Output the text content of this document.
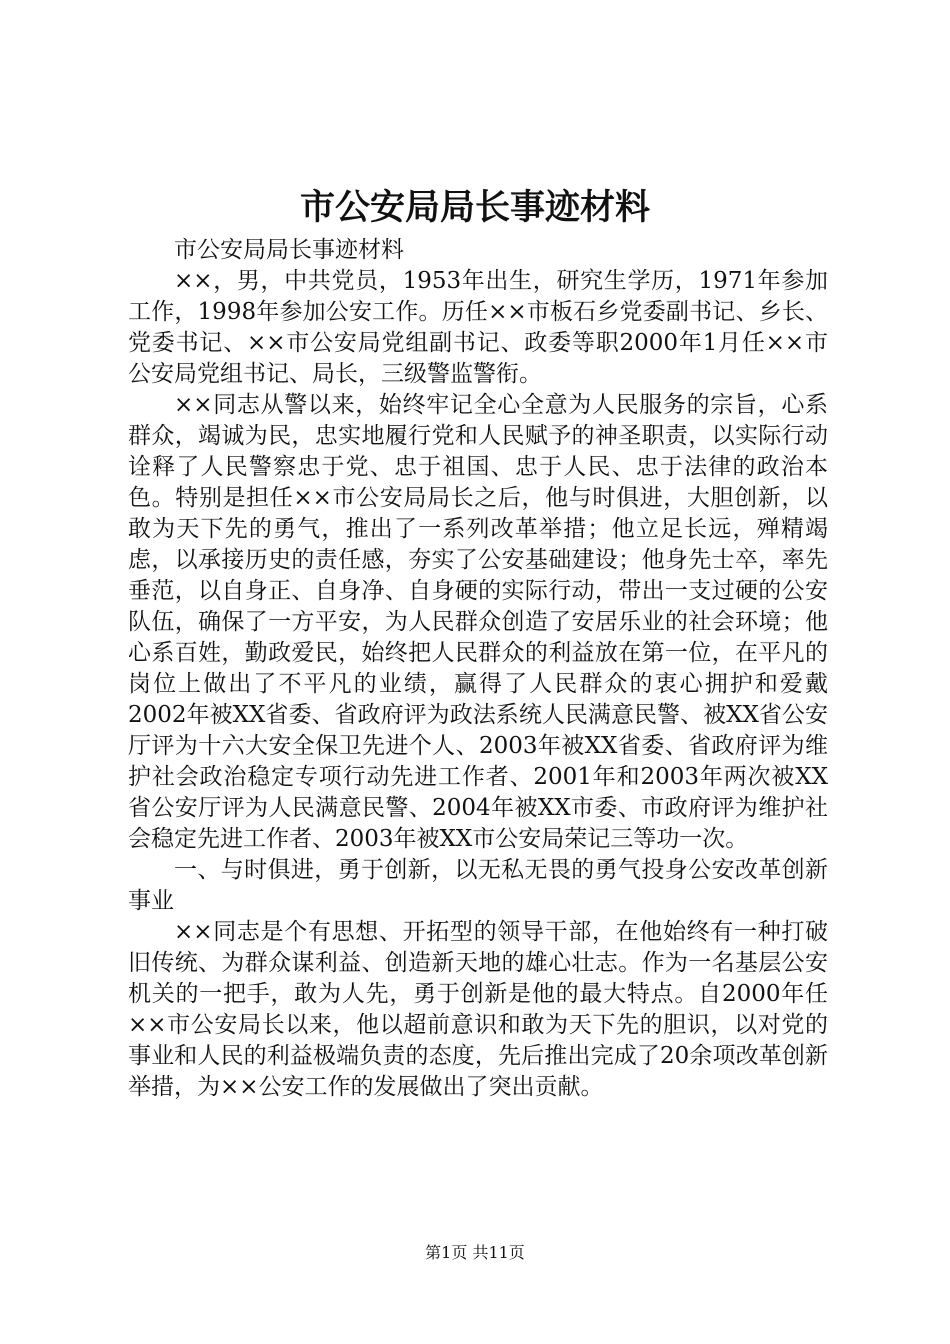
市公安局局长事迹材料

市公安局局长事迹材料

××，男，中共党员，1953年出生，研究生学历，1971年参加工作，1998年参加公安工作。历任××市板石乡党委副书记、乡长、党委书记、××市公安局党组副书记、政委等职2000年1月任××市公安局党组书记、局长，三级警监警衔。

××同志从警以来，始终牢记全心全意为人民服务的宗旨，心系群众，竭诚为民，忠实地履行党和人民赋予的神圣职责，以实际行动诠释了人民警察忠于党、忠于祖国、忠于人民、忠于法律的政治本色。特别是担任××市公安局局长之后，他与时俱进，大胆创新，以敢为天下先的勇气，推出了一系列改革举措；他立足长远，殚精竭虑，以承接历史的责任感，夯实了公安基础建设；他身先士卒，率先垂范，以自身正、自身净、自身硬的实际行动，带出一支过硬的公安队伍，确保了一方平安，为人民群众创造了安居乐业的社会环境；他心系百姓，勤政爱民，始终把人民群众的利益放在第一位，在平凡的岗位上做出了不平凡的业绩，赢得了人民群众的衷心拥护和爱戴2002年被XX省委、省政府评为政法系统人民满意民警、被XX省公安厅评为十六大安全保卫先进个人、2003年被XX省委、省政府评为维护社会政治稳定专项行动先进工作者、2001年和2003年两次被XX省公安厅评为人民满意民警、2004年被XX市委、市政府评为维护社会稳定先进工作者、2003年被XX市公安局荣记三等功一次。

一、与时俱进，勇于创新，以无私无畏的勇气投身公安改革创新事业

××同志是个有思想、开拓型的领导干部，在他始终有一种打破旧传统、为群众谋利益、创造新天地的雄心壮志。作为一名基层公安机关的一把手，敢为人先，勇于创新是他的最大特点。自2000年任××市公安局长以来，他以超前意识和敢为天下先的胆识，以对党的事业和人民的利益极端负责的态度，先后推出完成了20余项改革创新举措，为××公安工作的发展做出了突出贡献。

第1页 共11页
